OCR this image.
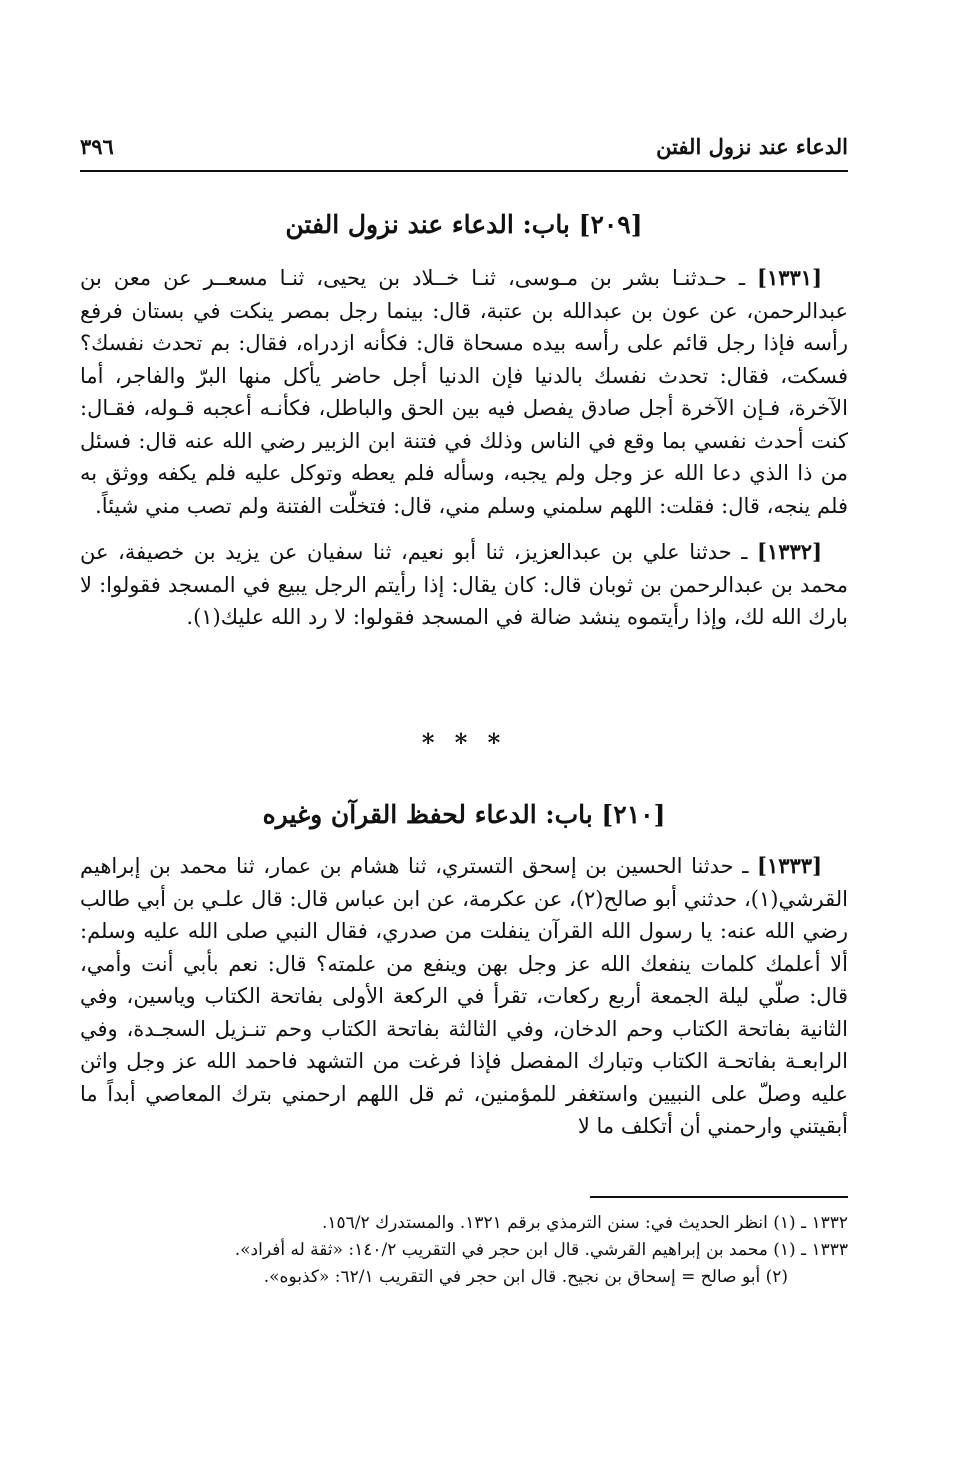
الدعاء عند نزول الفتن
٣٩٦
[٢٠٩] باب: الدعاء عند نزول الفتن

[١٣٣١] ـ حـدثنـا بشر بن مـوسى، ثنـا خــلاد بن يحيى، ثنـا مسعــر عن معن بن عبدالرحمن، عن عون بن عبدالله بن عتبة، قال: بينما رجل بمصر ينكت في بستان فرفع رأسه فإذا رجل قائم على رأسه بيده مسحاة قال: فكأنه ازدراه، فقال: بم تحدث نفسك؟ فسكت، فقال: تحدث نفسك بالدنيا فإن الدنيا أجل حاضر يأكل منها البرّ والفاجر، أما الآخرة، فـإن الآخرة أجل صادق يفصل فيه بين الحق والباطل، فكأنـه أعجبه قـوله، فقـال: كنت أحدث نفسي بما وقع في الناس وذلك في فتنة ابن الزبير رضي الله عنه قال: فسئل من ذا الذي دعا الله عز وجل ولم يجبه، وسأله فلم يعطه وتوكل عليه فلم يكفه ووثق به فلم ينجه، قال: فقلت: اللهم سلمني وسلم مني، قال: فتخلّت الفتنة ولم تصب مني شيئاً.

[١٣٣٢] ـ حدثنا علي بن عبدالعزيز، ثنا أبو نعيم، ثنا سفيان عن يزيد بن خصيفة، عن محمد بن عبدالرحمن بن ثوبان قال: كان يقال: إذا رأيتم الرجل يبيع في المسجد فقولوا: لا بارك الله لك، وإذا رأيتموه ينشد ضالة في المسجد فقولوا: لا رد الله عليك(١).

* * *
[٢١٠] باب: الدعاء لحفظ القرآن وغيره

[١٣٣٣] ـ حدثنا الحسين بن إسحق التستري، ثنا هشام بن عمار، ثنا محمد بن إبراهيم القرشي(١)، حدثني أبو صالح(٢)، عن عكرمة، عن ابن عباس قال: قال علـي بن أبي طالب رضي الله عنه: يا رسول الله القرآن ينفلت من صدري، فقال النبي صلى الله عليه وسلم: ألا أعلمك كلمات ينفعك الله عز وجل بهن وينفع من علمته؟ قال: نعم بأبي أنت وأمي، قال: صلّي ليلة الجمعة أربع ركعات، تقرأ في الركعة الأولى بفاتحة الكتاب وياسين، وفي الثانية بفاتحة الكتاب وحم الدخان، وفي الثالثة بفاتحة الكتاب وحم تنـزيل السجـدة، وفي الرابعـة بفاتحـة الكتاب وتبارك المفصل فإذا فرغت من التشهد فاحمد الله عز وجل واثن عليه وصلّ على النبيين واستغفر للمؤمنين، ثم قل اللهم ارحمني بترك المعاصي أبداً ما أبقيتني وارحمني أن أتكلف ما لا

١٣٣٢ ـ (١) انظر الحديث في: سنن الترمذي برقم ١٣٢١. والمستدرك ١٥٦/٢.

١٣٣٣ ـ (١) محمد بن إبراهيم القرشي. قال ابن حجر في التقريب ١٤٠/٢: «ثقة له أفراد».

(٢) أبو صالح = إسحاق بن نجيح. قال ابن حجر في التقريب ٦٢/١: «كذبوه».
